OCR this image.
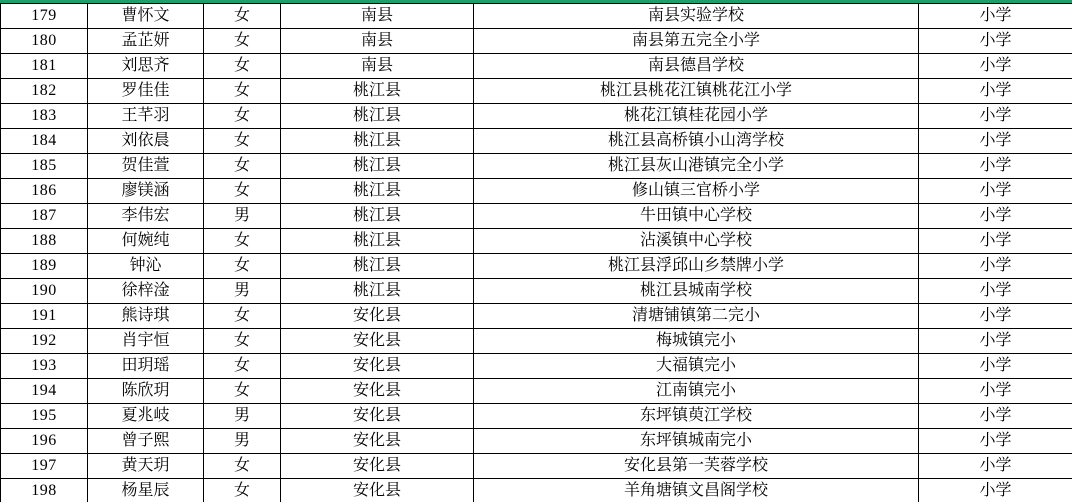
179	曹怀文	女	南县	南县实验学校	小学
180	孟芷妍	女	南县	南县第五完全小学	小学
181	刘思齐	女	南县	南县德昌学校	小学
182	罗佳佳	女	桃江县	桃江县桃花江镇桃花江小学	小学
183	王芊羽	女	桃江县	桃花江镇桂花园小学	小学
184	刘依晨	女	桃江县	桃江县高桥镇小山湾学校	小学
185	贺佳萱	女	桃江县	桃江县灰山港镇完全小学	小学
186	廖镁涵	女	桃江县	修山镇三官桥小学	小学
187	李伟宏	男	桃江县	牛田镇中心学校	小学
188	何婉纯	女	桃江县	沾溪镇中心学校	小学
189	钟沁	女	桃江县	桃江县浮邱山乡禁牌小学	小学
190	徐梓淦	男	桃江县	桃江县城南学校	小学
191	熊诗琪	女	安化县	清塘铺镇第二完小	小学
192	肖宇恒	女	安化县	梅城镇完小	小学
193	田玥瑶	女	安化县	大福镇完小	小学
194	陈欣玥	女	安化县	江南镇完小	小学
195	夏兆岐	男	安化县	东坪镇萸江学校	小学
196	曾子熙	男	安化县	东坪镇城南完小	小学
197	黄天玥	女	安化县	安化县第一芙蓉学校	小学
198	杨星辰	女	安化县	羊角塘镇文昌阁学校	小学
